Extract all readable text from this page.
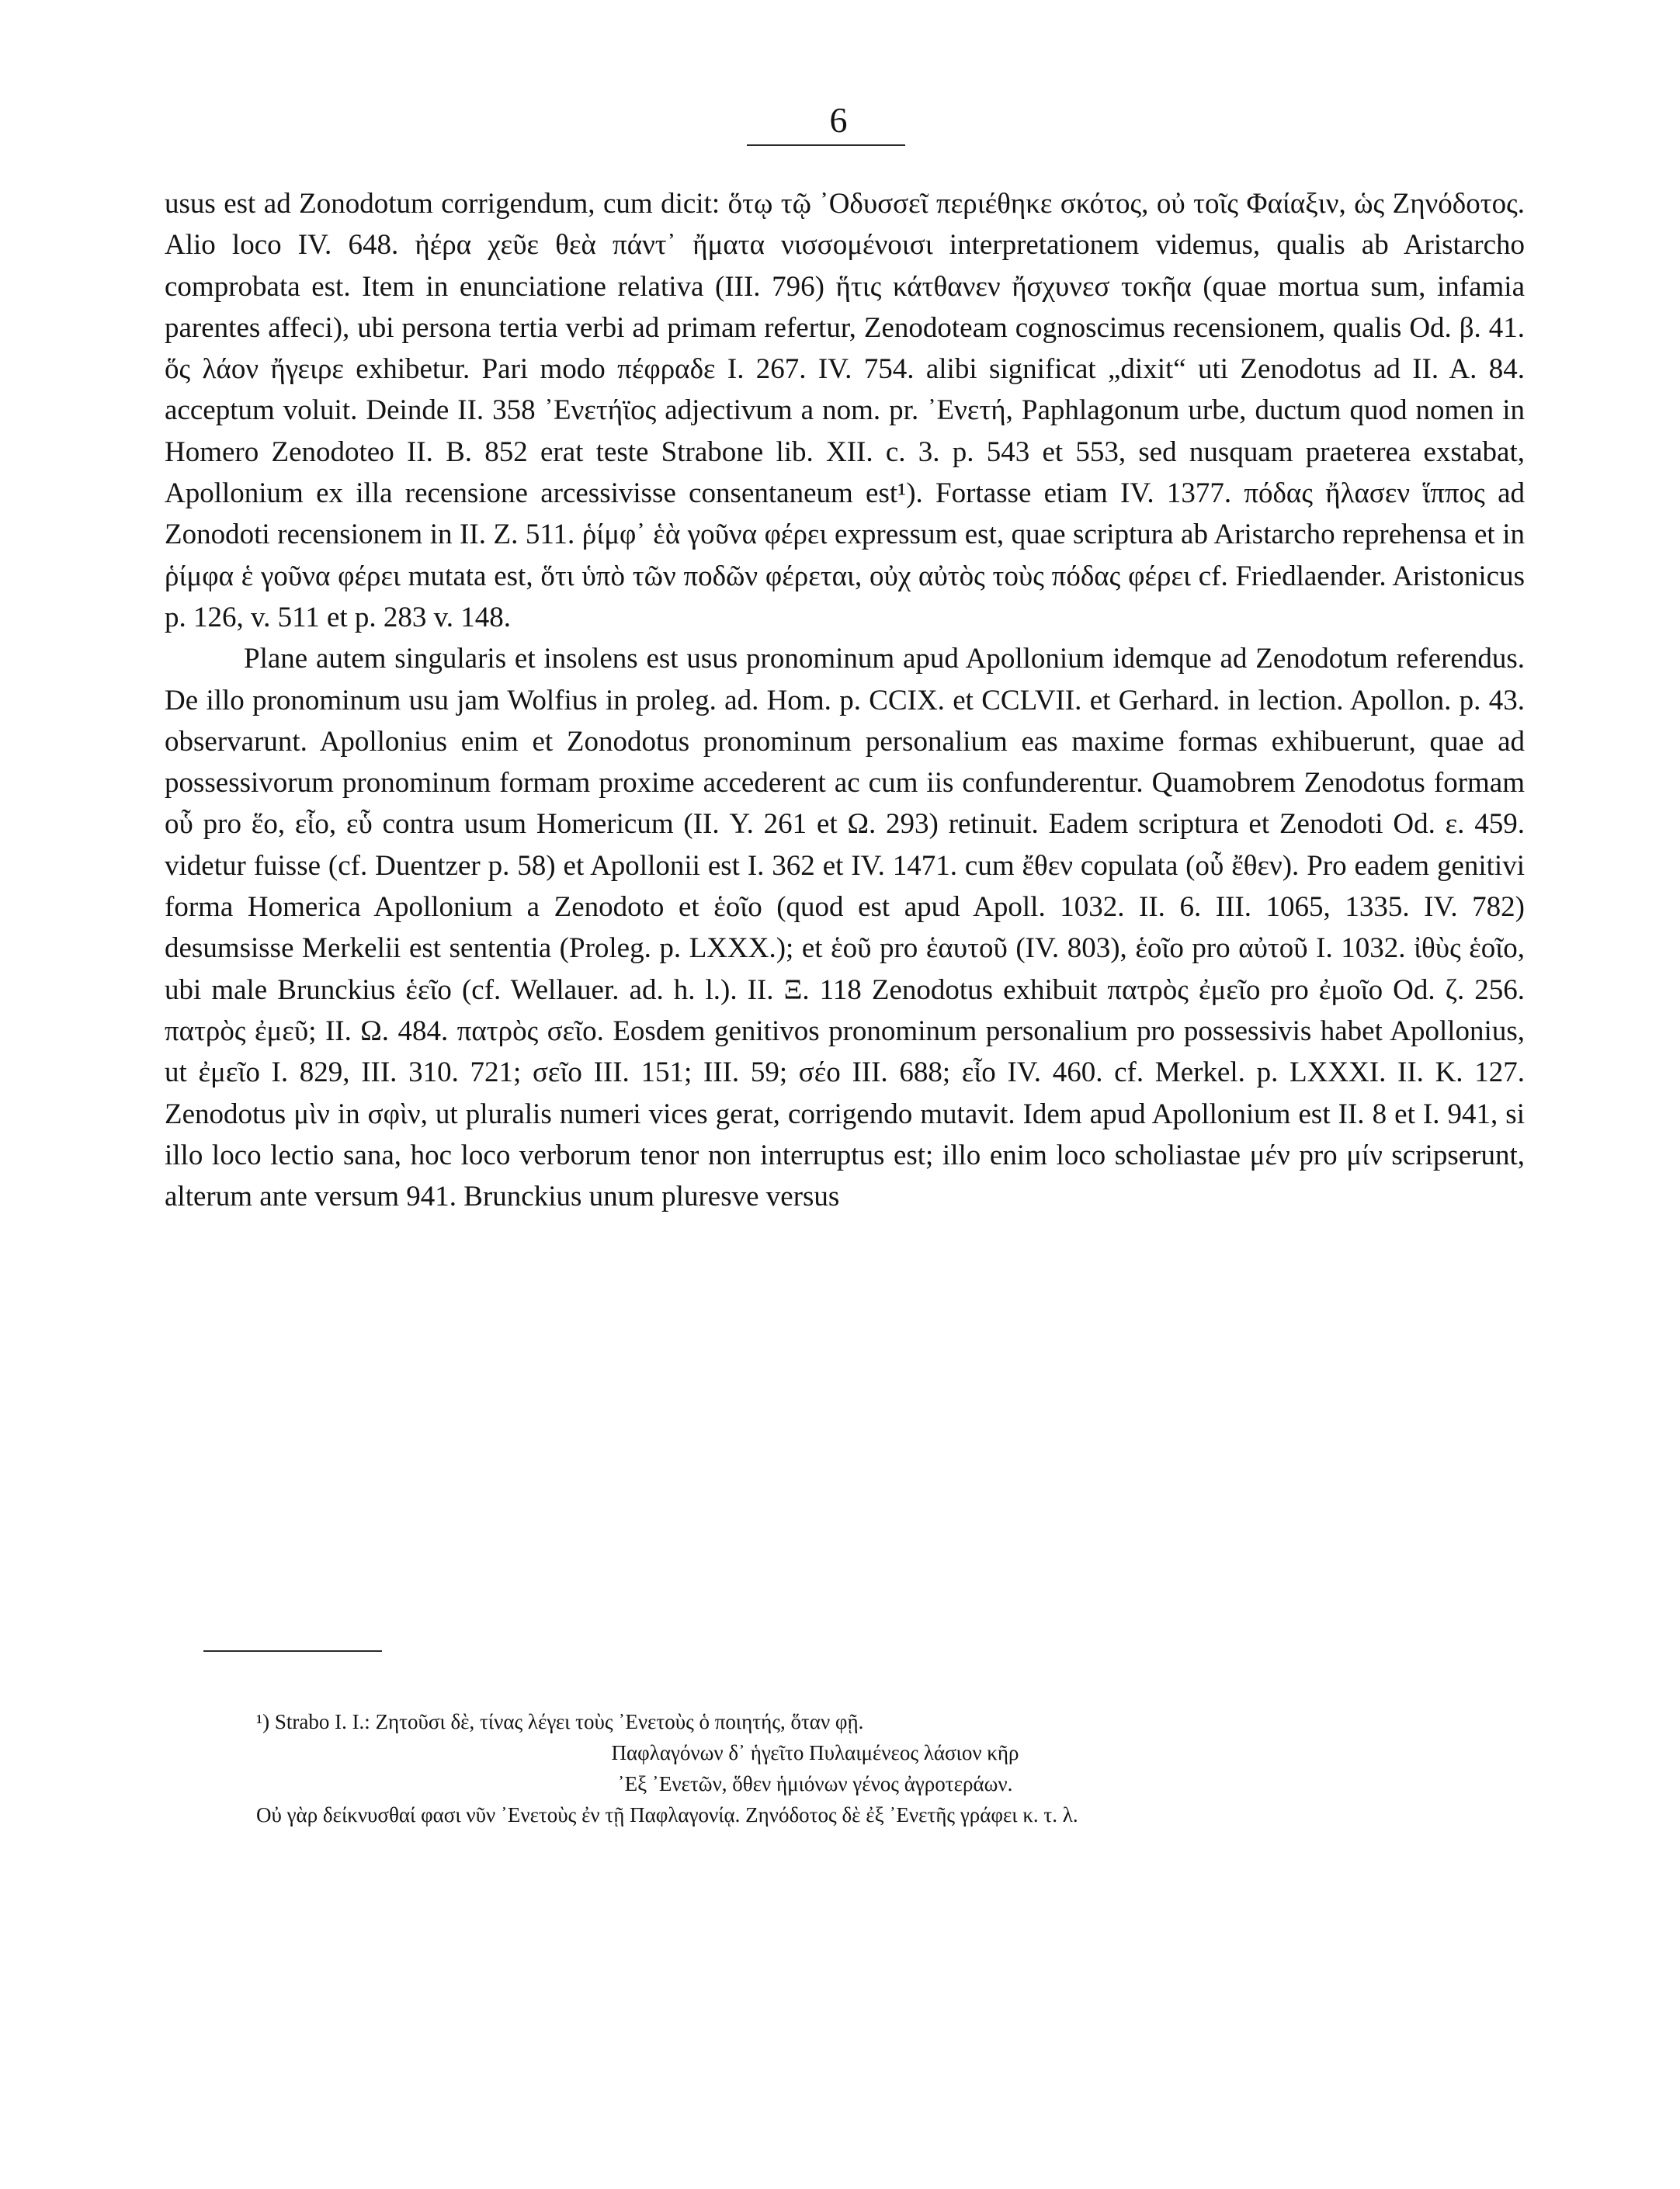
6

usus est ad Zonodotum corrigendum, cum dicit: ὅτῳ τῷ ᾿Οδυσσεῖ περιέθηκε σκότος, οὐ τοῖς Φαίαξιν, ὡς Ζηνόδοτος. Alio loco IV. 648. ἠέρα χεῦε θεὰ πάντ᾿ ἤματα νισσομένοισι interpretationem videmus, qualis ab Aristarcho comprobata est. Item in enunciatione relativa (III. 796) ἥτις κάτθανεν ἤσχυνεσ τοκῆα (quae mortua sum, infamia parentes affeci), ubi persona tertia verbi ad primam refertur, Zenodoteam cognoscimus recensionem, qualis Od. β. 41. ὅς λάον ἤγειρε exhibetur. Pari modo πέφραδε I. 267. IV. 754. alibi significat „dixit“ uti Zenodotus ad II. A. 84. acceptum voluit. Deinde II. 358 ᾿Ενετήϊος adjectivum a nom. pr. ᾿Ενετή, Paphlagonum urbe, ductum quod nomen in Homero Zenodoteo II. B. 852 erat teste Strabone lib. XII. c. 3. p. 543 et 553, sed nusquam praeterea exstabat, Apollonium ex illa recensione arcessivisse consentaneum est¹). Fortasse etiam IV. 1377. πόδας ἤλασεν ἵππος ad Zonodoti recensionem in II. Z. 511. ῥίμφ᾿ ἑὰ γοῦνα φέρει expressum est, quae scriptura ab Aristarcho reprehensa et in ῥίμφα ἑ γοῦνα φέρει mutata est, ὅτι ὑπὸ τῶν ποδῶν φέρεται, οὐχ αὐτὸς τοὺς πόδας φέρει cf. Friedlaender. Aristonicus p. 126, v. 511 et p. 283 v. 148.

Plane autem singularis et insolens est usus pronominum apud Apollonium idemque ad Zenodotum referendus. De illo pronominum usu jam Wolfius in proleg. ad. Hom. p. CCIX. et CCLVII. et Gerhard. in lection. Apollon. p. 43. observarunt. Apollonius enim et Zonodotus pronominum personalium eas maxime formas exhibuerunt, quae ad possessivorum pronominum formam proxime accederent ac cum iis confunderentur. Quamobrem Zenodotus formam οὗ pro ἕο, εἷο, εὗ contra usum Homericum (II. Υ. 261 et Ω. 293) retinuit. Eadem scriptura et Zenodoti Od. ε. 459. videtur fuisse (cf. Duentzer p. 58) et Apollonii est I. 362 et IV. 1471. cum ἔθεν copulata (οὗ ἔθεν). Pro eadem genitivi forma Homerica Apollonium a Zenodoto et ἑοῖο (quod est apud Apoll. 1032. II. 6. III. 1065, 1335. IV. 782) desumsisse Merkelii est sententia (Proleg. p. LXXX.); et ἑοῦ pro ἑαυτοῦ (IV. 803), ἑοῖο pro αὐτοῦ I. 1032. ἰθὺς ἑοῖο, ubi male Brunckius ἑεῖο (cf. Wellauer. ad. h. l.). II. Ξ. 118 Zenodotus exhibuit πατρὸς ἐμεῖο pro ἐμοῖο Od. ζ. 256. πατρὸς ἐμεῦ; II. Ω. 484. πατρὸς σεῖο. Eosdem genitivos pronominum personalium pro possessivis habet Apollonius, ut ἐμεῖο I. 829, III. 310. 721; σεῖο III. 151; III. 59; σέο III. 688; εἷο IV. 460. cf. Merkel. p. LXXXI. II. K. 127. Zenodotus μὶν in σφὶν, ut pluralis numeri vices gerat, corrigendo mutavit. Idem apud Apollonium est II. 8 et I. 941, si illo loco lectio sana, hoc loco verborum tenor non interruptus est; illo enim loco scholiastae μέν pro μίν scripserunt, alterum ante versum 941. Brunckius unum pluresve versus

¹) Strabo I. I.: Ζητοῦσι δὲ, τίνας λέγει τοὺς ᾿Ενετοὺς ὁ ποιητής, ὅταν φῇ.
Παφλαγόνων δ᾿ ἡγεῖτο Πυλαιμένεος λάσιον κῆρ
᾿Εξ ᾿Ενετῶν, ὅθεν ἡμιόνων γένος ἀγροτεράων.
Οὐ γὰρ δείκνυσθαί φασι νῦν ᾿Ενετοὺς ἐν τῇ Παφλαγονίᾳ. Ζηνόδοτος δὲ ἐξ ᾿Ενετῆς γράφει κ. τ. λ.
